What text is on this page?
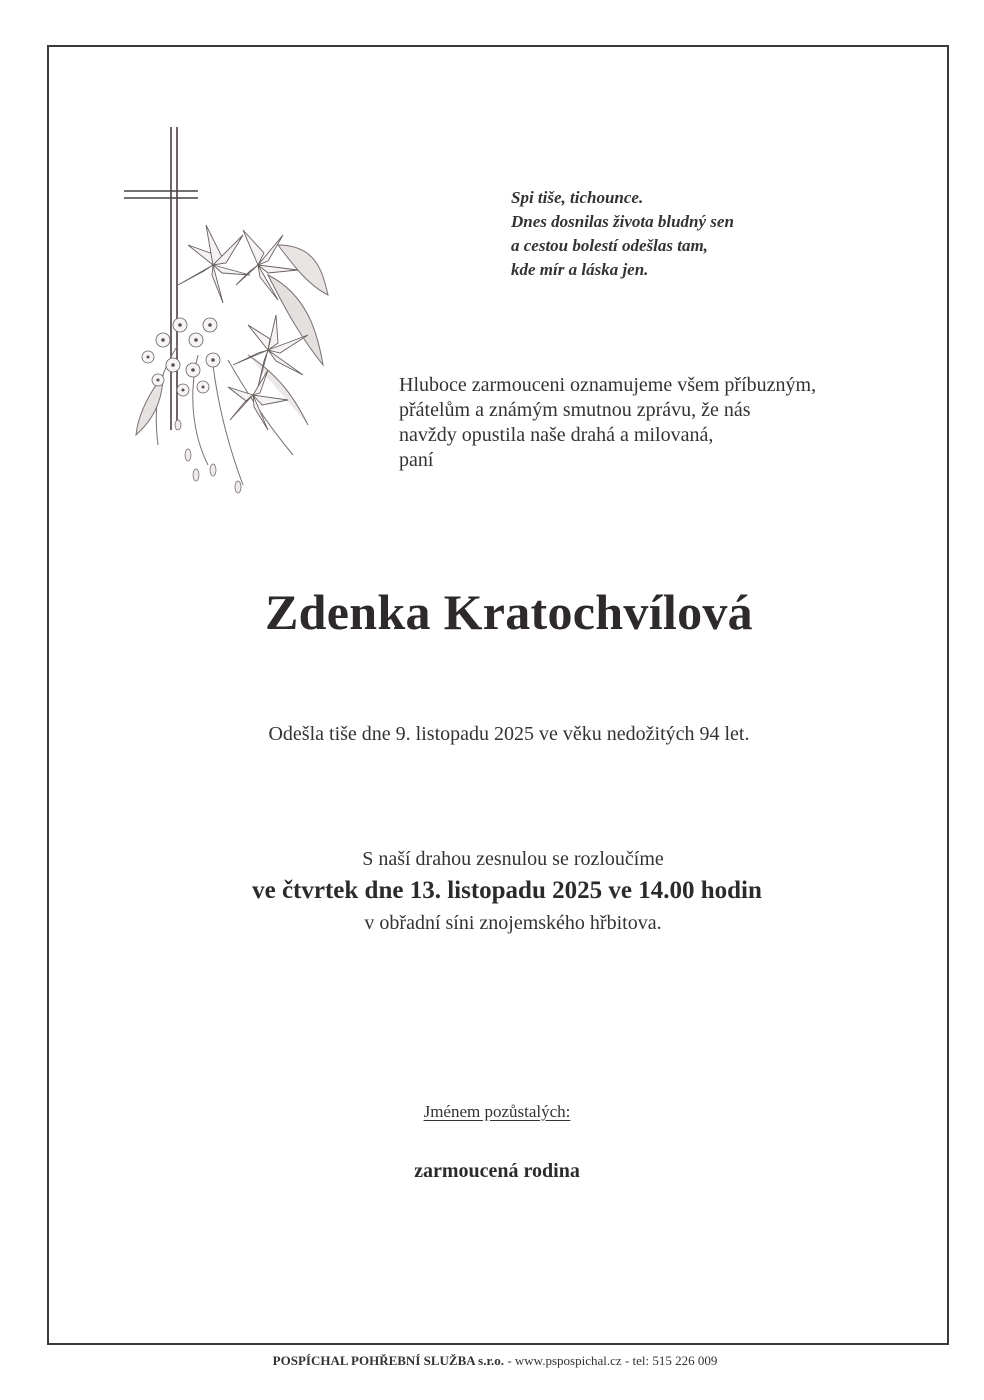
Spi tiše, tichounce.
Dnes dosnilas života bludný sen
a cestou bolestí odešlas tam,
kde mír a láska jen.
Hluboce zarmouceni oznamujeme všem příbuzným,
přátelům a známým smutnou zprávu, že nás
navždy opustila naše drahá a milovaná,
paní
Zdenka Kratochvílová
Odešla tiše dne 9. listopadu 2025 ve věku nedožitých 94 let.
S naší drahou zesnulou se rozloučíme
ve čtvrtek dne 13. listopadu 2025 ve 14.00 hodin
v obřadní síni znojemského hřbitova.
Jménem pozůstalých:
zarmoucená rodina
POSPÍCHAL POHŘEBNÍ SLUŽBA s.r.o. - www.pspospichal.cz - tel: 515 226 009
